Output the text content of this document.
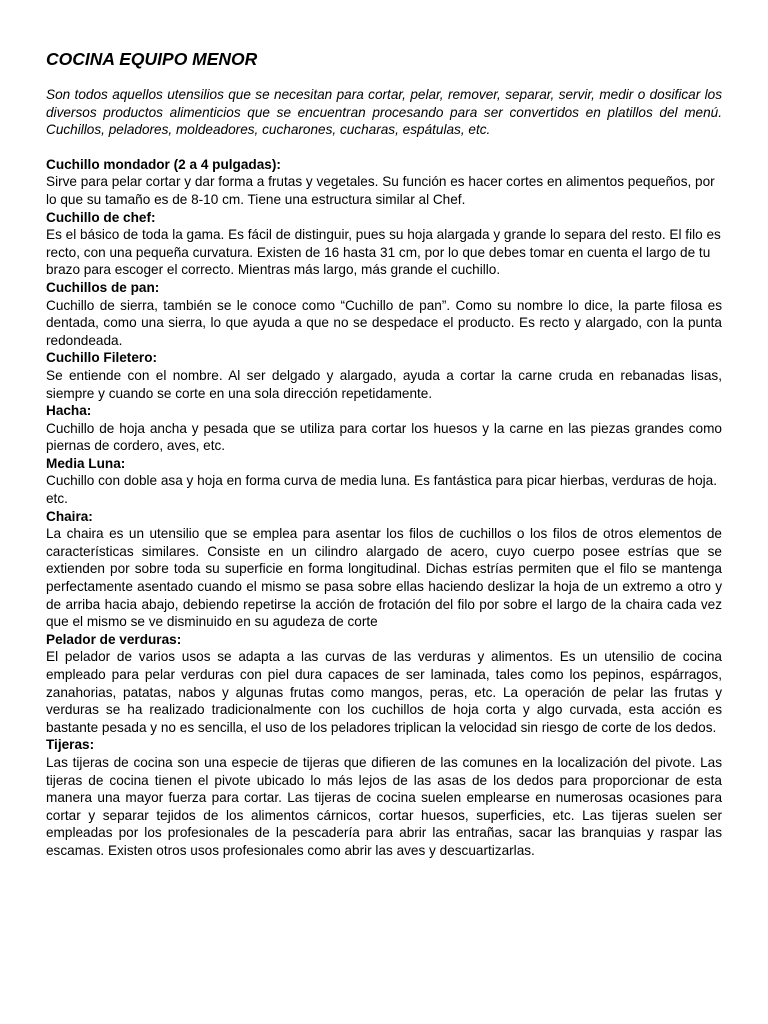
COCINA EQUIPO MENOR

Son todos aquellos utensilios que se necesitan para cortar, pelar, remover, separar, servir, medir o dosificar los diversos productos alimenticios que se encuentran procesando para ser convertidos en platillos del menú. Cuchillos, peladores, moldeadores, cucharones, cucharas, espátulas, etc.

Cuchillo mondador (2 a 4 pulgadas):

Sirve para pelar cortar y dar forma a frutas y vegetales. Su función es hacer cortes en alimentos pequeños, por lo que su tamaño es de 8-10 cm. Tiene una estructura similar al Chef.

Cuchillo de chef:

Es el básico de toda la gama. Es fácil de distinguir, pues su hoja alargada y grande lo separa del resto. El filo es recto, con una pequeña curvatura. Existen de 16 hasta 31 cm, por lo que debes tomar en cuenta el largo de tu brazo para escoger el correcto. Mientras más largo, más grande el cuchillo.

Cuchillos de pan:

Cuchillo de sierra, también se le conoce como “Cuchillo de pan”. Como su nombre lo dice, la parte filosa es dentada, como una sierra, lo que ayuda a que no se despedace el producto. Es recto y alargado, con la punta redondeada.

Cuchillo Filetero:

Se entiende con el nombre. Al ser delgado y alargado, ayuda a cortar la carne cruda en rebanadas lisas, siempre y cuando se corte en una sola dirección repetidamente.

Hacha:

Cuchillo de hoja ancha y pesada que se utiliza para cortar los huesos y la carne en las piezas grandes como piernas de cordero, aves, etc.

Media Luna:

Cuchillo con doble asa y hoja en forma curva de media luna. Es fantástica para picar hierbas, verduras de hoja. etc.

Chaira:

La chaira es un utensilio que se emplea para asentar los filos de cuchillos o los filos de otros elementos de características similares. Consiste en un cilindro alargado de acero, cuyo cuerpo posee estrías que se extienden por sobre toda su superficie en forma longitudinal. Dichas estrías permiten que el filo se mantenga perfectamente asentado cuando el mismo se pasa sobre ellas haciendo deslizar la hoja de un extremo a otro y de arriba hacia abajo, debiendo repetirse la acción de frotación del filo por sobre el largo de la chaira cada vez que el mismo se ve disminuido en su agudeza de corte

Pelador de verduras:

El pelador de varios usos se adapta a las curvas de las verduras y alimentos. Es un utensilio de cocina empleado para pelar verduras con piel dura capaces de ser laminada, tales como los pepinos, espárragos, zanahorias, patatas, nabos y algunas frutas como mangos, peras, etc. La operación de pelar las frutas y verduras se ha realizado tradicionalmente con los cuchillos de hoja corta y algo curvada, esta acción es bastante pesada y no es sencilla, el uso de los peladores triplican la velocidad sin riesgo de corte de los dedos.

Tijeras:

Las tijeras de cocina son una especie de tijeras que difieren de las comunes en la localización del pivote. Las tijeras de cocina tienen el pivote ubicado lo más lejos de las asas de los dedos para proporcionar de esta manera una mayor fuerza para cortar. Las tijeras de cocina suelen emplearse en numerosas ocasiones para cortar y separar tejidos de los alimentos cárnicos, cortar huesos, superficies, etc. Las tijeras suelen ser empleadas por los profesionales de la pescadería para abrir las entrañas, sacar las branquias y raspar las escamas. Existen otros usos profesionales como abrir las aves y descuartizarlas.
